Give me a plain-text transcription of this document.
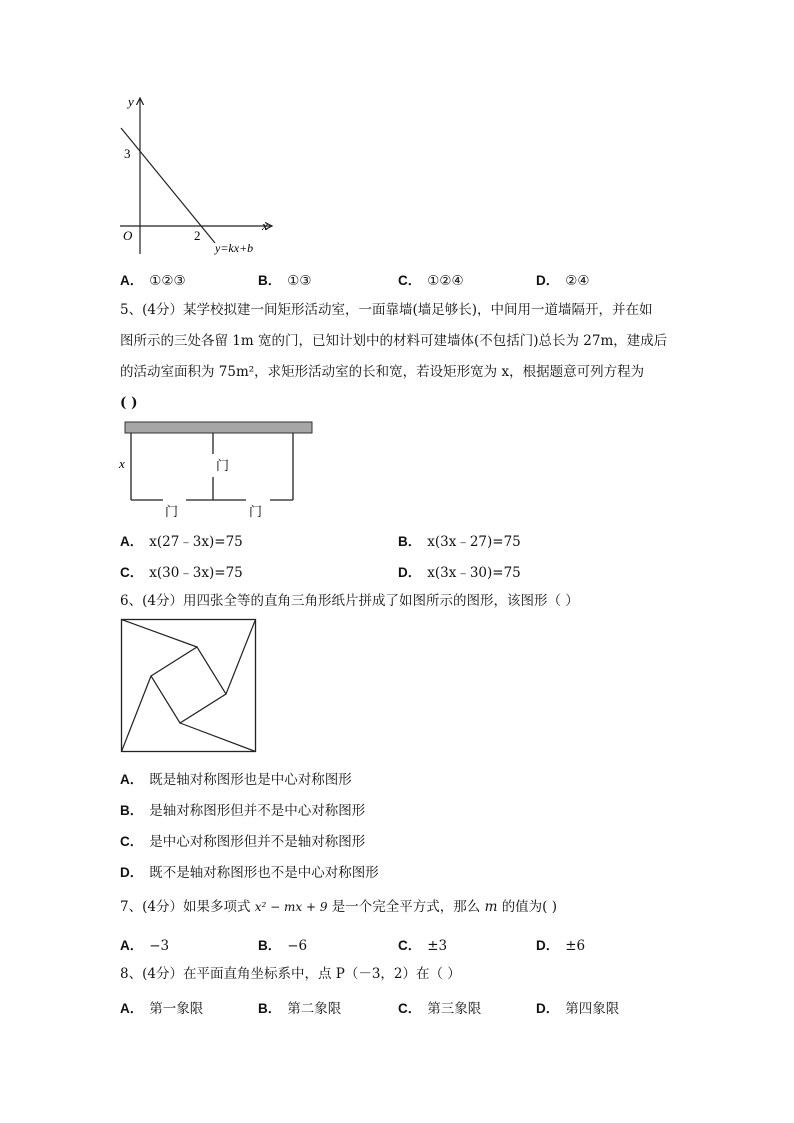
y
x
O
3
2
y=kx+b
A． ①②③	B． ①③	C． ①②④	D． ②④
5、(4分）某学校拟建一间矩形活动室，一面靠墙(墙足够长)，中间用一道墙隔开，并在如
图所示的三处各留 1m 宽的门，已知计划中的材料可建墙体(不包括门)总长为 27m，建成后
的活动室面积为 75m²，求矩形活动室的长和宽，若设矩形宽为 x，根据题意可列方程为
( )
x	门
门	门
A． x(27﹣3x)=75	B． x(3x﹣27)=75
C． x(30﹣3x)=75	D． x(3x﹣30)=75
6、(4分）用四张全等的直角三角形纸片拼成了如图所示的图形，该图形（ ）
A． 既是轴对称图形也是中心对称图形
B． 是轴对称图形但并不是中心对称图形
C． 是中心对称图形但并不是轴对称图形
D． 既不是轴对称图形也不是中心对称图形
7、(4分）如果多项式 x² − mx + 9 是一个完全平方式，那么 m 的值为( )
A． −3	B． −6	C． ±3	D． ±6
8、(4分）在平面直角坐标系中，点 P（－3，2）在（ ）
A． 第一象限	B． 第二象限	C． 第三象限	D． 第四象限
